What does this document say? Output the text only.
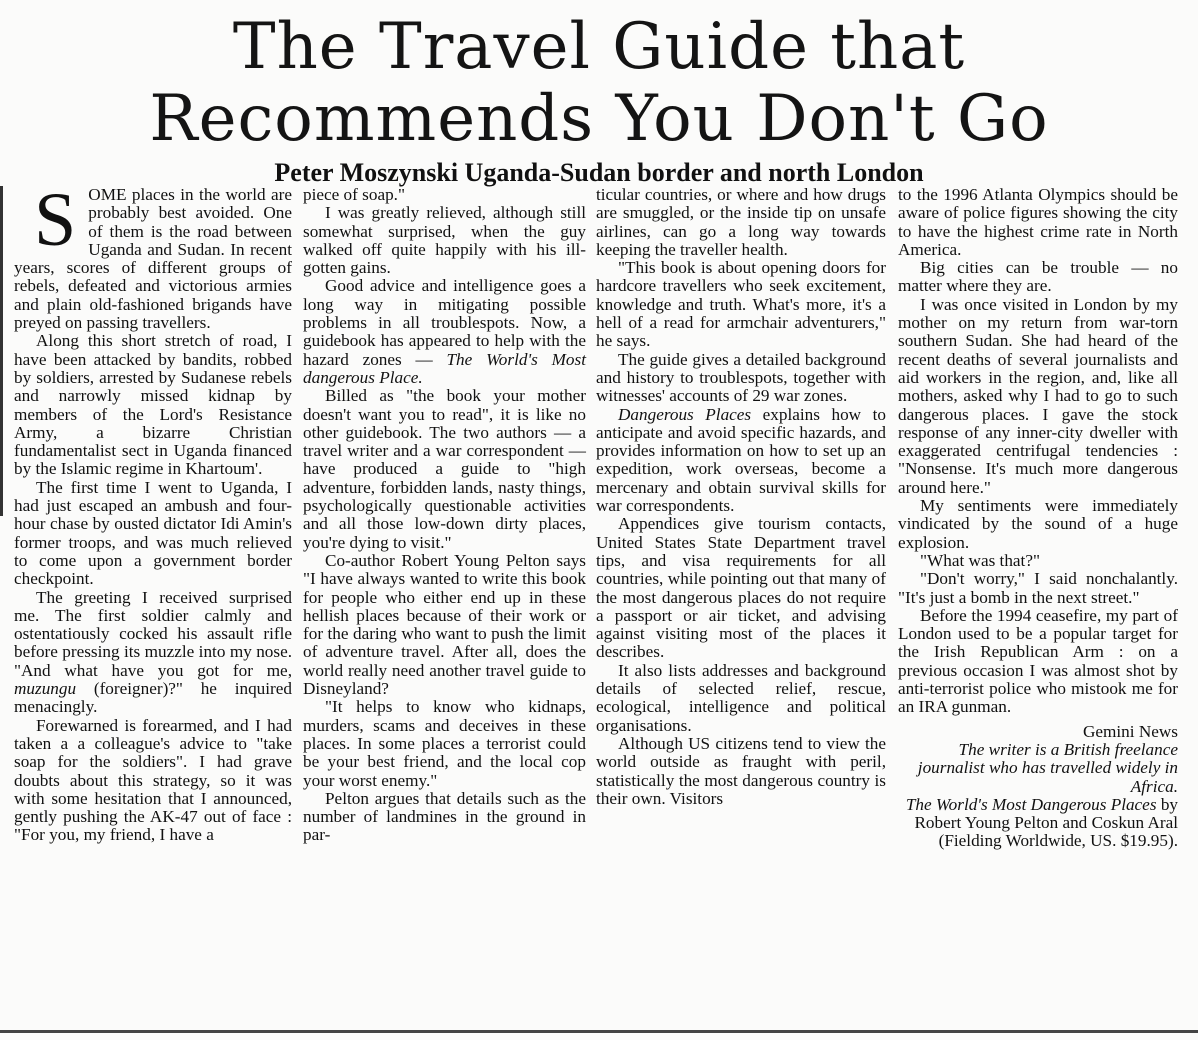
The Travel Guide that
Recommends You Don't Go
Peter Moszynski Uganda-Sudan border and north London
S OME places in the world are probably best avoided. One of them is the road between Uganda and Sudan. In recent years, scores of different groups of rebels, defeated and victorious armies and plain old-fashioned brigands have preyed on passing travellers.

Along this short stretch of road, I have been attacked by bandits, robbed by soldiers, arrested by Sudanese rebels and narrowly missed kidnap by members of the Lord's Resistance Army, a bizarre Christian fundamentalist sect in Uganda financed by the Islamic regime in Khartoum'.

The first time I went to Uganda, I had just escaped an ambush and four-hour chase by ousted dictator Idi Amin's former troops, and was much relieved to come upon a government border checkpoint.

The greeting I received surprised me. The first soldier calmly and ostentatiously cocked his assault rifle before pressing its muzzle into my nose. "And what have you got for me, muzungu (foreigner)?" he inquired menacingly.

Forewarned is forearmed, and I had taken a a colleague's advice to "take soap for the soldiers". I had grave doubts about this strategy, so it was with some hesitation that I announced, gently pushing the AK-47 out of face : "For you, my friend, I have a

piece of soap."

I was greatly relieved, although still somewhat surprised, when the guy walked off quite happily with his ill-gotten gains.

Good advice and intelligence goes a long way in mitigating possible problems in all troublespots. Now, a guidebook has appeared to help with the hazard zones — The World's Most dangerous Place.

Billed as "the book your mother doesn't want you to read", it is like no other guidebook. The two authors — a travel writer and a war correspondent — have produced a guide to "high adventure, forbidden lands, nasty things, psychologically questionable activities and all those low-down dirty places, you're dying to visit."

Co-author Robert Young Pelton says "I have always wanted to write this book for people who either end up in these hellish places because of their work or for the daring who want to push the limit of adventure travel. After all, does the world really need another travel guide to Disneyland?

"It helps to know who kidnaps, murders, scams and deceives in these places. In some places a terrorist could be your best friend, and the local cop your worst enemy."

Pelton argues that details such as the number of landmines in the ground in par-

ticular countries, or where and how drugs are smuggled, or the inside tip on unsafe airlines, can go a long way towards keeping the traveller health.

"This book is about opening doors for hardcore travellers who seek excitement, knowledge and truth. What's more, it's a hell of a read for armchair adventurers," he says.

The guide gives a detailed background and history to troublespots, together with witnesses' accounts of 29 war zones.

Dangerous Places explains how to anticipate and avoid specific hazards, and provides information on how to set up an expedition, work overseas, become a mercenary and obtain survival skills for war correspondents.

Appendices give tourism contacts, United States State Department travel tips, and visa requirements for all countries, while pointing out that many of the most dangerous places do not require a passport or air ticket, and advising against visiting most of the places it describes.

It also lists addresses and background details of selected relief, rescue, ecological, intelligence and political organisations.

Although US citizens tend to view the world outside as fraught with peril, statistically the most dangerous country is their own. Visitors

to the 1996 Atlanta Olympics should be aware of police figures showing the city to have the highest crime rate in North America.

Big cities can be trouble — no matter where they are.

I was once visited in London by my mother on my return from war-torn southern Sudan. She had heard of the recent deaths of several journalists and aid workers in the region, and, like all mothers, asked why I had to go to such dangerous places. I gave the stock response of any inner-city dweller with exaggerated centrifugal tendencies : "Nonsense. It's much more dangerous around here."

My sentiments were immediately vindicated by the sound of a huge explosion.

"What was that?"

"Don't worry," I said nonchalantly. "It's just a bomb in the next street."

Before the 1994 ceasefire, my part of London used to be a popular target for the Irish Republican Arm : on a previous occasion I was almost shot by anti-terrorist police who mistook me for an IRA gunman.

Gemini News

The writer is a British freelance journalist who has travelled widely in Africa.

The World's Most Dangerous Places by Robert Young Pelton and Coskun Aral (Fielding Worldwide, US. $19.95).
